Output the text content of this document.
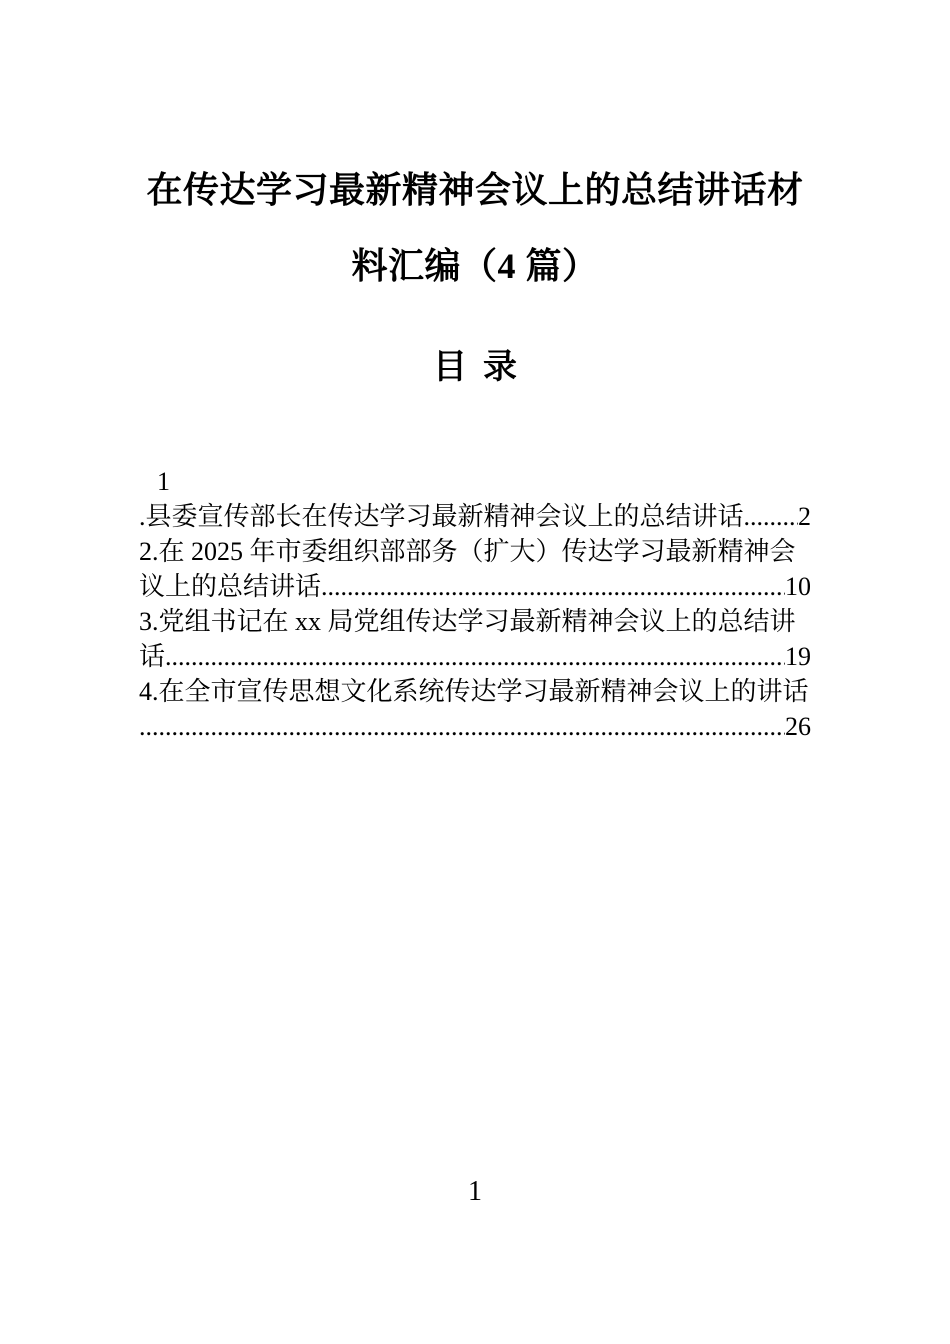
在传达学习最新精神会议上的总结讲话材
料汇编（4 篇）
目录
1
.县委宣传部长在传达学习最新精神会议上的总结讲话 ..... 2
2.在 2025 年市委组织部部务（扩大）传达学习最新精神会
议上的总结讲话 .....	10
3.党组书记在 xx 局党组传达学习最新精神会议上的总结讲
话 .....	19
4.在全市宣传思想文化系统传达学习最新精神会议上的讲话
.....
26
1
